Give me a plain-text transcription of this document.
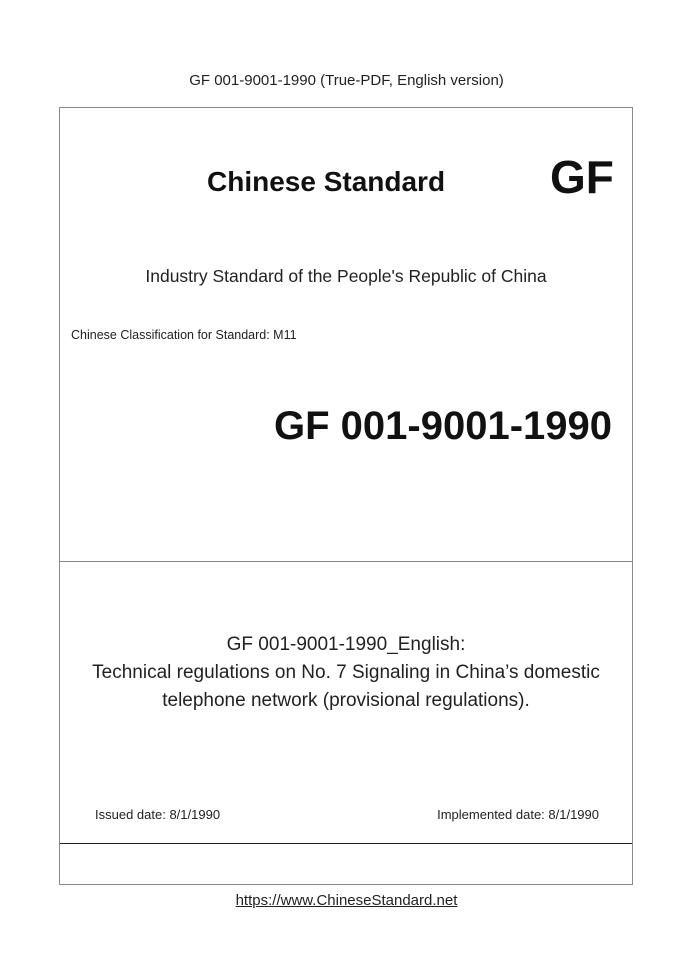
GF 001-9001-1990 (True-PDF, English version)
Chinese Standard GF
Industry Standard of the People's Republic of China
Chinese Classification for Standard: M11
GF 001-9001-1990
GF 001-9001-1990_English:
Technical regulations on No. 7 Signaling in China’s domestic
telephone network (provisional regulations).
Issued date: 8/1/1990	Implemented date: 8/1/1990
https://www.ChineseStandard.net
